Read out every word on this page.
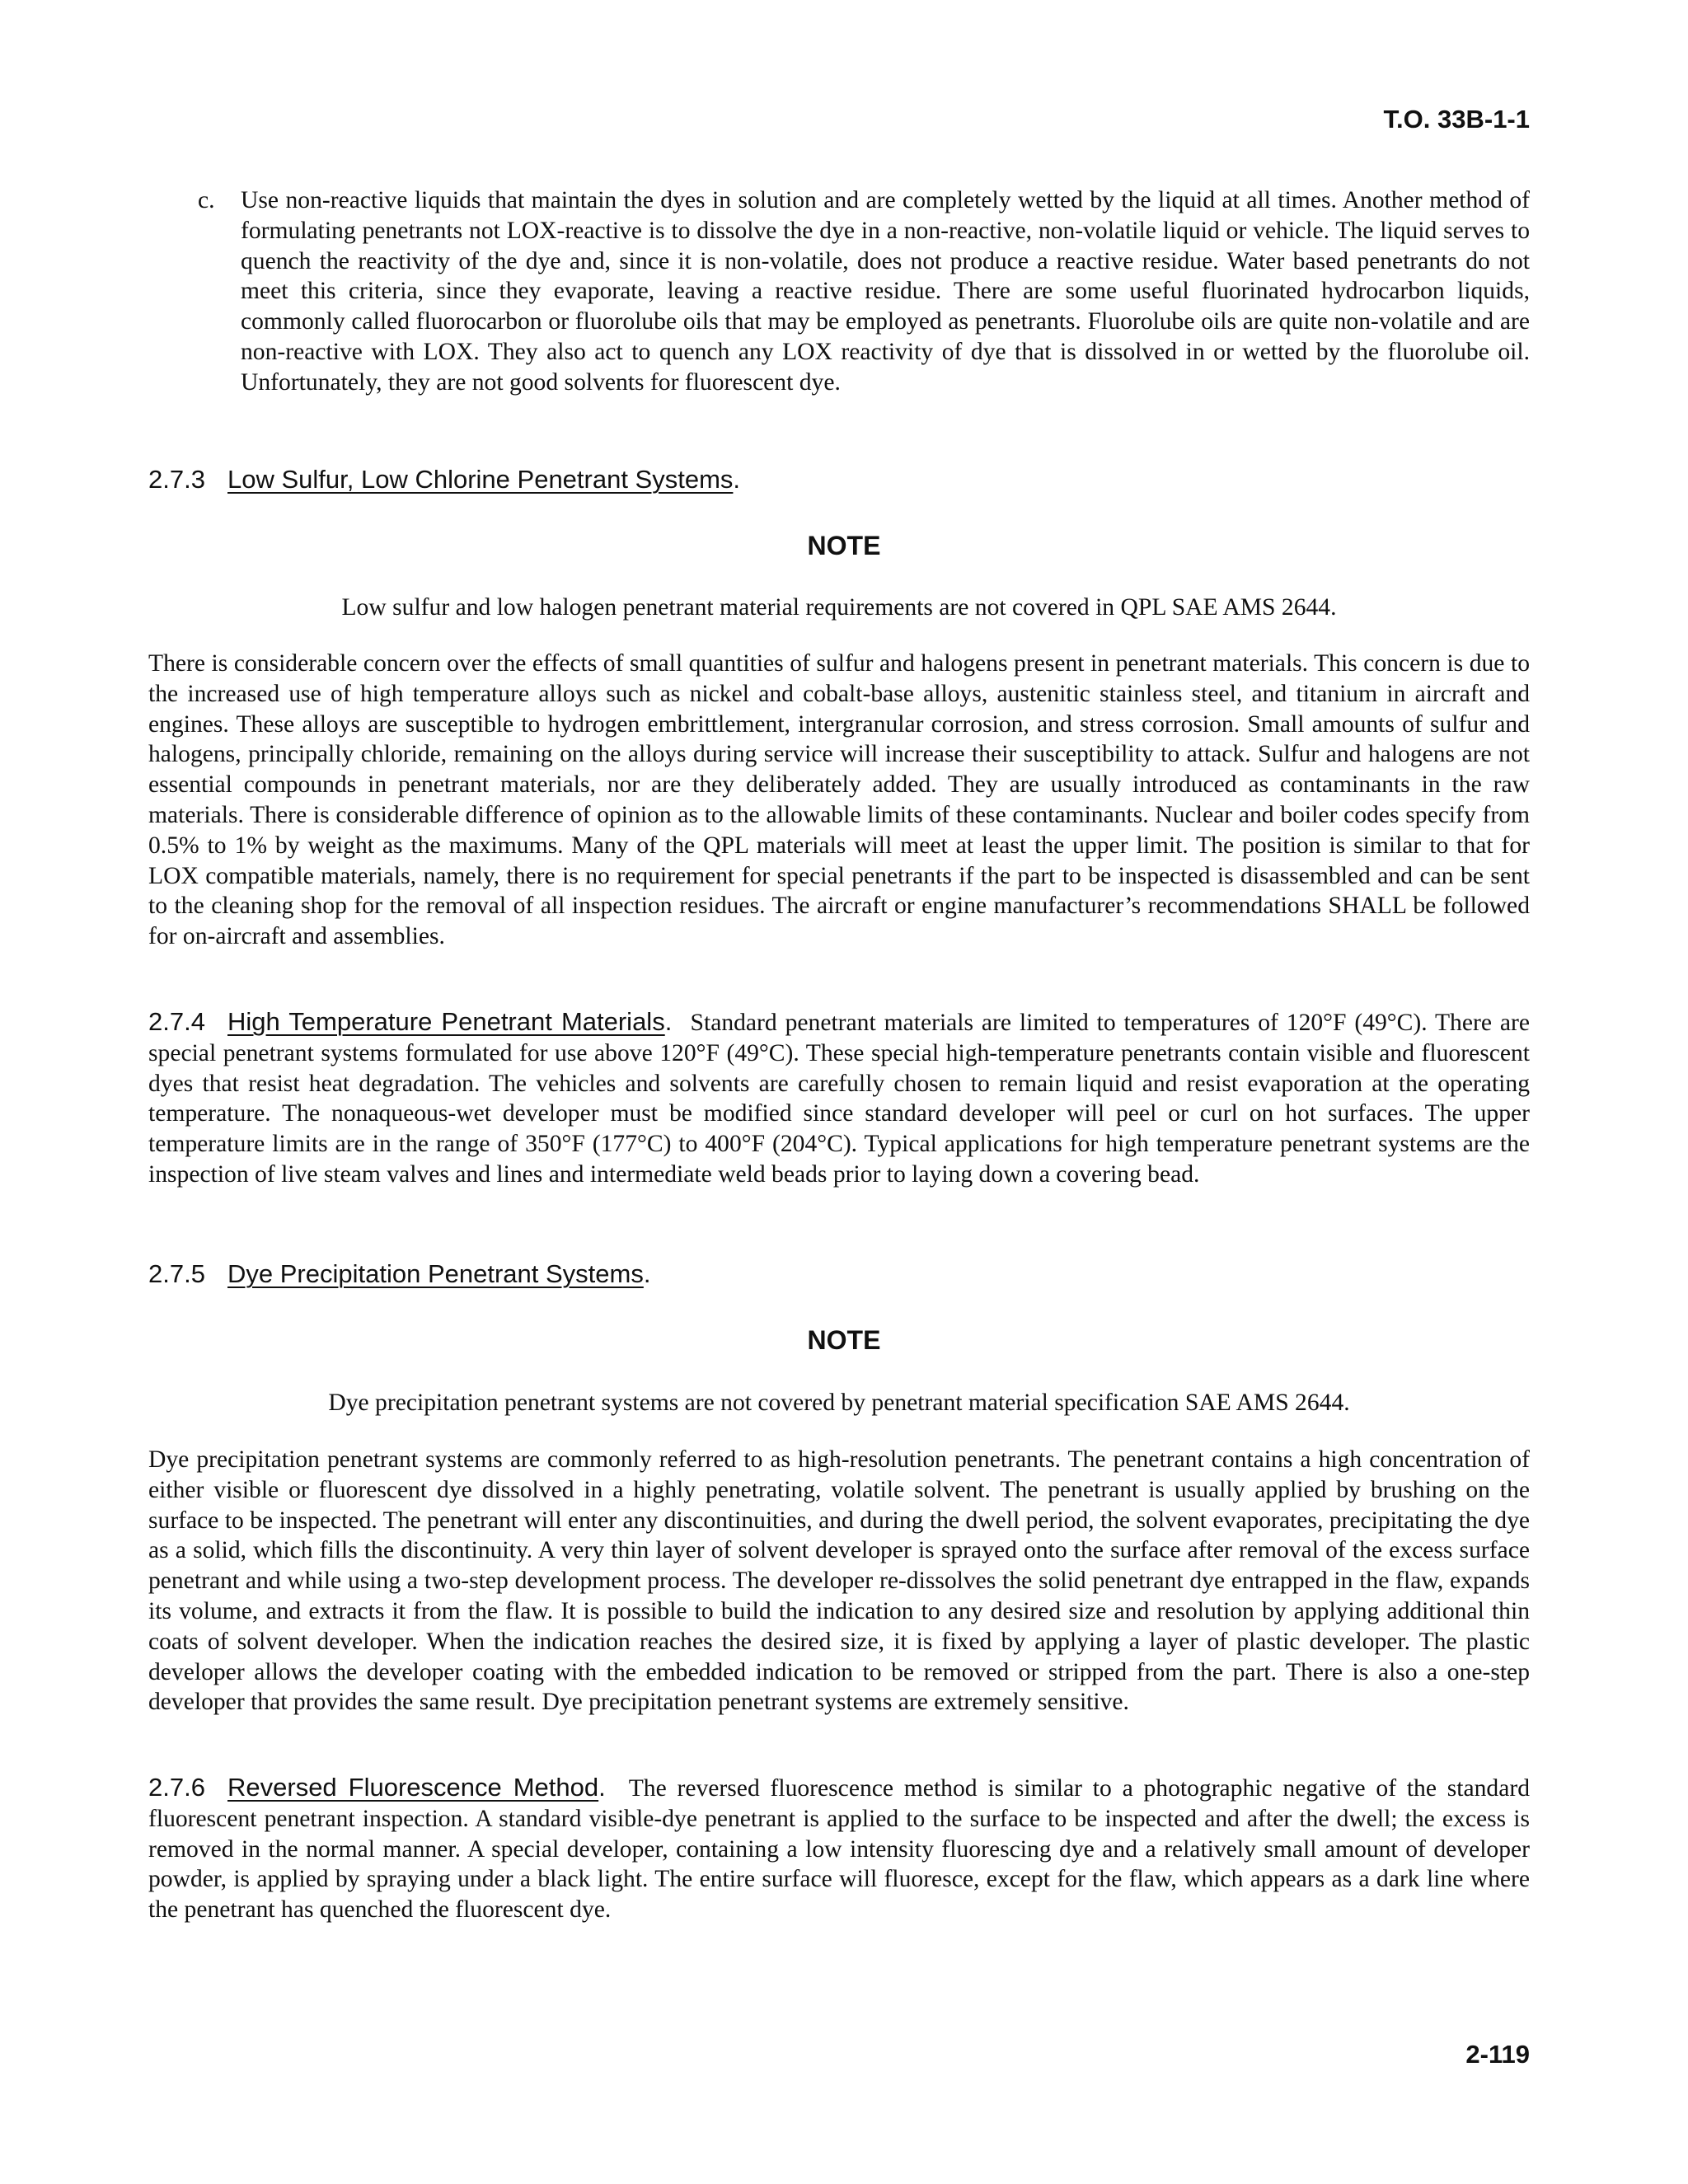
T.O. 33B-1-1
c. Use non-reactive liquids that maintain the dyes in solution and are completely wetted by the liquid at all times. Another method of formulating penetrants not LOX-reactive is to dissolve the dye in a non-reactive, non-volatile liquid or vehicle. The liquid serves to quench the reactivity of the dye and, since it is non-volatile, does not produce a reactive residue. Water based penetrants do not meet this criteria, since they evaporate, leaving a reactive residue. There are some useful fluorinated hydrocarbon liquids, commonly called fluorocarbon or fluorolube oils that may be employed as penetrants. Fluorolube oils are quite non-volatile and are non-reactive with LOX. They also act to quench any LOX reactivity of dye that is dissolved in or wetted by the fluorolube oil. Unfortunately, they are not good solvents for fluorescent dye.
2.7.3 Low Sulfur, Low Chlorine Penetrant Systems.
NOTE
Low sulfur and low halogen penetrant material requirements are not covered in QPL SAE AMS 2644.
There is considerable concern over the effects of small quantities of sulfur and halogens present in penetrant materials. This concern is due to the increased use of high temperature alloys such as nickel and cobalt-base alloys, austenitic stainless steel, and titanium in aircraft and engines. These alloys are susceptible to hydrogen embrittlement, intergranular corrosion, and stress corrosion. Small amounts of sulfur and halogens, principally chloride, remaining on the alloys during service will increase their susceptibility to attack. Sulfur and halogens are not essential compounds in penetrant materials, nor are they deliberately added. They are usually introduced as contaminants in the raw materials. There is considerable difference of opinion as to the allowable limits of these contaminants. Nuclear and boiler codes specify from 0.5% to 1% by weight as the maximums. Many of the QPL materials will meet at least the upper limit. The position is similar to that for LOX compatible materials, namely, there is no requirement for special penetrants if the part to be inspected is disassembled and can be sent to the cleaning shop for the removal of all inspection residues. The aircraft or engine manufacturer’s recommendations SHALL be followed for on-aircraft and assemblies.
2.7.4 High Temperature Penetrant Materials.  Standard penetrant materials are limited to temperatures of 120°F (49°C). There are special penetrant systems formulated for use above 120°F (49°C). These special high-temperature penetrants contain visible and fluorescent dyes that resist heat degradation. The vehicles and solvents are carefully chosen to remain liquid and resist evaporation at the operating temperature. The nonaqueous-wet developer must be modified since standard developer will peel or curl on hot surfaces. The upper temperature limits are in the range of 350°F (177°C) to 400°F (204°C). Typical applications for high temperature penetrant systems are the inspection of live steam valves and lines and intermediate weld beads prior to laying down a covering bead.
2.7.5 Dye Precipitation Penetrant Systems.
NOTE
Dye precipitation penetrant systems are not covered by penetrant material specification SAE AMS 2644.
Dye precipitation penetrant systems are commonly referred to as high-resolution penetrants. The penetrant contains a high concentration of either visible or fluorescent dye dissolved in a highly penetrating, volatile solvent. The penetrant is usually applied by brushing on the surface to be inspected. The penetrant will enter any discontinuities, and during the dwell period, the solvent evaporates, precipitating the dye as a solid, which fills the discontinuity. A very thin layer of solvent developer is sprayed onto the surface after removal of the excess surface penetrant and while using a two-step development process. The developer re-dissolves the solid penetrant dye entrapped in the flaw, expands its volume, and extracts it from the flaw. It is possible to build the indication to any desired size and resolution by applying additional thin coats of solvent developer. When the indication reaches the desired size, it is fixed by applying a layer of plastic developer. The plastic developer allows the developer coating with the embedded indication to be removed or stripped from the part. There is also a one-step developer that provides the same result. Dye precipitation penetrant systems are extremely sensitive.
2.7.6 Reversed Fluorescence Method.  The reversed fluorescence method is similar to a photographic negative of the standard fluorescent penetrant inspection. A standard visible-dye penetrant is applied to the surface to be inspected and after the dwell; the excess is removed in the normal manner. A special developer, containing a low intensity fluorescing dye and a relatively small amount of developer powder, is applied by spraying under a black light. The entire surface will fluoresce, except for the flaw, which appears as a dark line where the penetrant has quenched the fluorescent dye.
2-119
